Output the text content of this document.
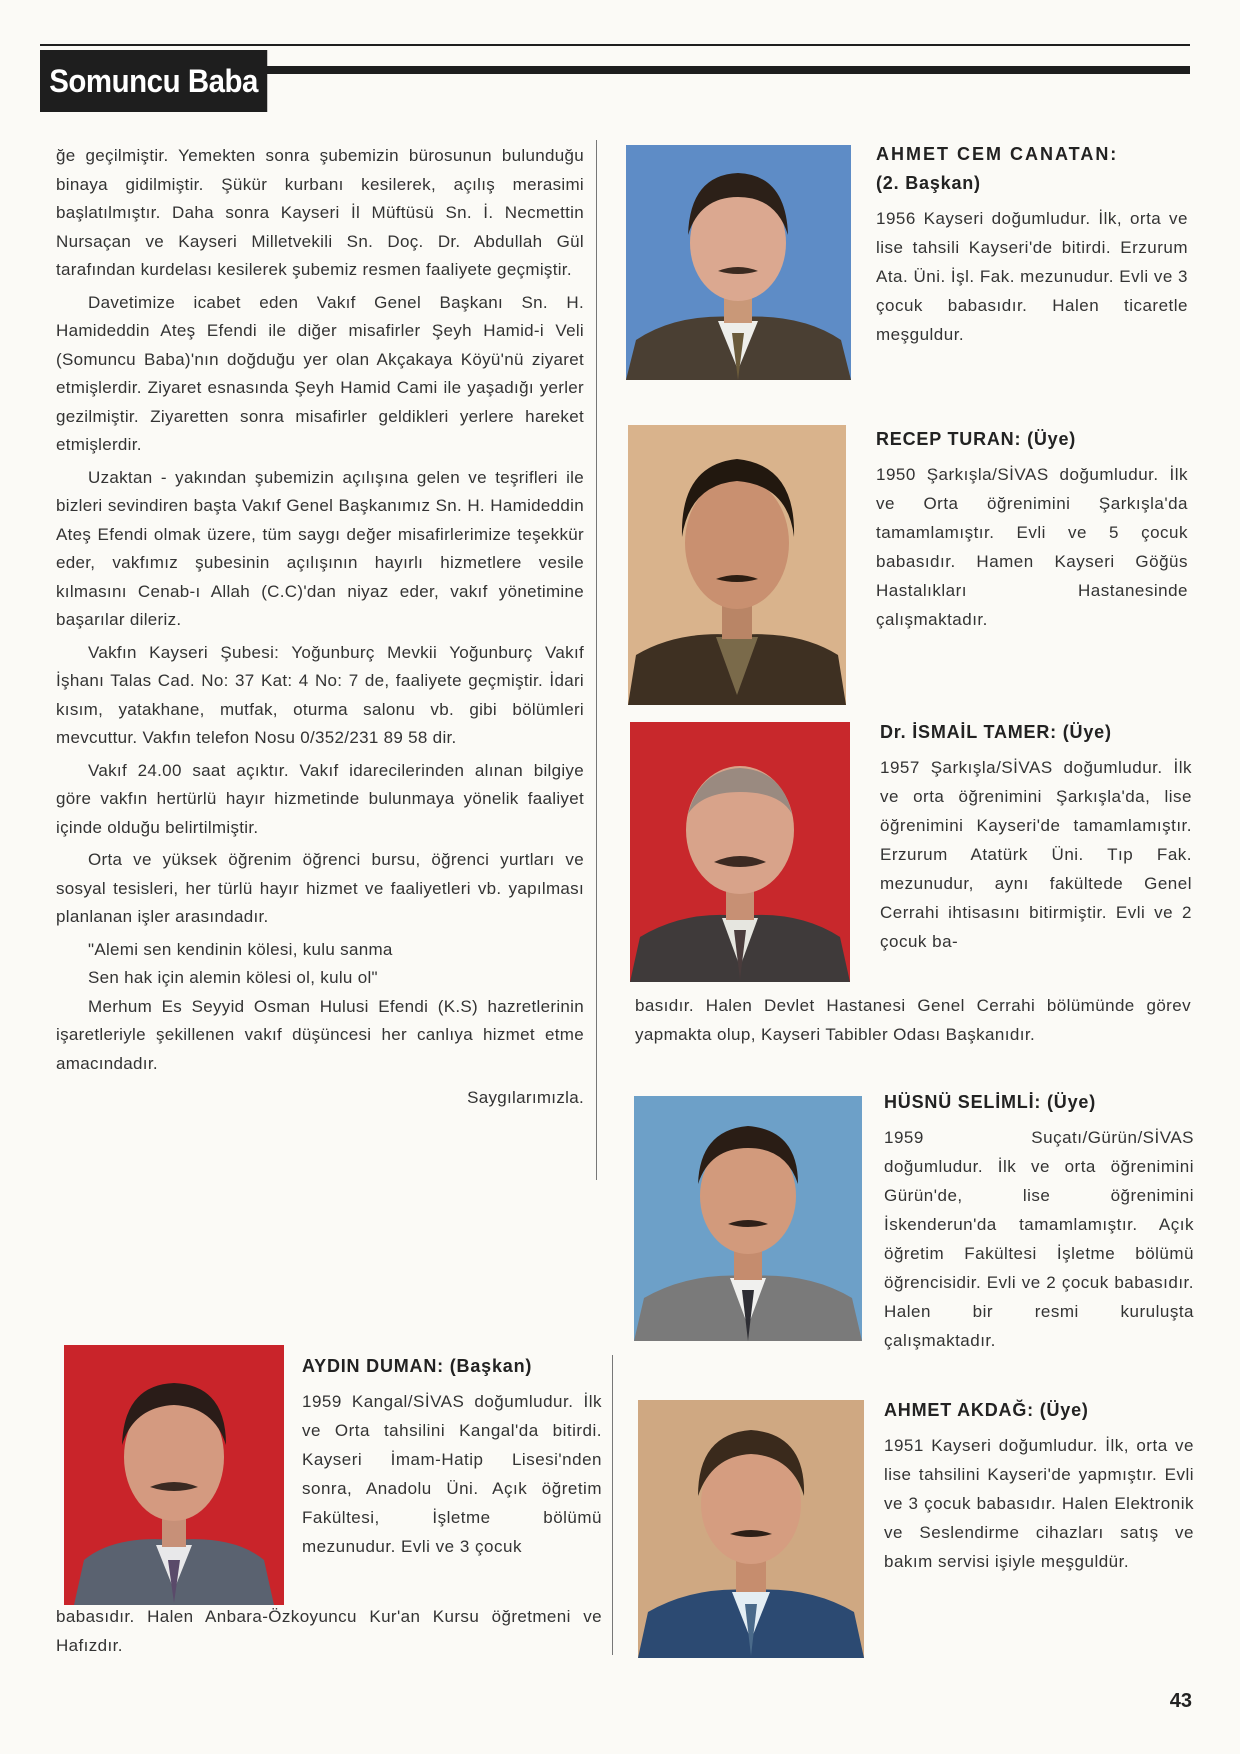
Somuncu Baba

ğe geçilmiştir. Yemekten sonra şubemizin bürosunun bulunduğu binaya gidilmiştir. Şükür kurbanı kesilerek, açılış merasimi başlatılmıştır. Daha sonra Kayseri İl Müftüsü Sn. İ. Necmettin Nursaçan ve Kayseri Milletvekili Sn. Doç. Dr. Abdullah Gül tarafından kurdelası kesilerek şubemiz resmen faaliyete geçmiştir.

Davetimize icabet eden Vakıf Genel Başkanı Sn. H. Hamideddin Ateş Efendi ile diğer misafirler Şeyh Hamid-i Veli (Somuncu Baba)'nın doğduğu yer olan Akçakaya Köyü'nü ziyaret etmişlerdir. Ziyaret esnasında Şeyh Hamid Cami ile yaşadığı yerler gezilmiştir. Ziyaretten sonra misafirler geldikleri yerlere hareket etmişlerdir.

Uzaktan - yakından şubemizin açılışına gelen ve teşrifleri ile bizleri sevindiren başta Vakıf Genel Başkanımız Sn. H. Hamideddin Ateş Efendi olmak üzere, tüm saygı değer misafirlerimize teşekkür eder, vakfımız şubesinin açılışının hayırlı hizmetlere vesile kılmasını Cenab-ı Allah (C.C)'dan niyaz eder, vakıf yönetimine başarılar dileriz.

Vakfın Kayseri Şubesi: Yoğunburç Mevkii Yoğunburç Vakıf İşhanı Talas Cad. No: 37 Kat: 4 No: 7 de, faaliyete geçmiştir. İdari kısım, yatakhane, mutfak, oturma salonu vb. gibi bölümleri mevcuttur. Vakfın telefon Nosu 0/352/231 89 58 dir.

Vakıf 24.00 saat açıktır. Vakıf idarecilerinden alınan bilgiye göre vakfın hertürlü hayır hizmetinde bulunmaya yönelik faaliyet içinde olduğu belirtilmiştir.

Orta ve yüksek öğrenim öğrenci bursu, öğrenci yurtları ve sosyal tesisleri, her türlü hayır hizmet ve faaliyetleri vb. yapılması planlanan işler arasındadır.

"Alemi sen kendinin kölesi, kulu sanma

Sen hak için alemin kölesi ol, kulu ol"

Merhum Es Seyyid Osman Hulusi Efendi (K.S) hazretlerinin işaretleriyle şekillenen vakıf düşüncesi her canlıya hizmet etme amacındadır.

Saygılarımızla.

AYDIN DUMAN: (Başkan)

1959 Kangal/SİVAS doğumludur. İlk ve Orta tahsilini Kangal'da bitirdi. Kayseri İmam-Hatip Lisesi'nden sonra, Anadolu Üni. Açık öğretim Fakültesi, İşletme bölümü mezunudur. Evli ve 3 çocuk

babasıdır. Halen Anbara-Özkoyuncu Kur'an Kursu öğretmeni ve Hafızdır.

AHMET CEM CANATAN:

(2. Başkan)

1956 Kayseri doğumludur. İlk, orta ve lise tahsili Kayseri'de bitirdi. Erzurum Ata. Üni. İşl. Fak. mezunudur. Evli ve 3 çocuk babasıdır. Halen ticaretle meşguldur.

RECEP TURAN: (Üye)

1950 Şarkışla/SİVAS doğumludur. İlk ve Orta öğrenimini Şarkışla'da tamamlamıştır. Evli ve 5 çocuk babasıdır. Hamen Kayseri Göğüs Hastalıkları Hastanesinde çalışmaktadır.

Dr. İSMAİL TAMER: (Üye)

1957 Şarkışla/SİVAS doğumludur. İlk ve orta öğrenimini Şarkışla'da, lise öğrenimini Kayseri'de tamamlamıştır. Erzurum Atatürk Üni. Tıp Fak. mezunudur, aynı fakültede Genel Cerrahi ihtisasını bitirmiştir. Evli ve 2 çocuk ba-

basıdır. Halen Devlet Hastanesi Genel Cerrahi bölümünde görev yapmakta olup, Kayseri Tabibler Odası Başkanıdır.

HÜSNÜ SELİMLİ: (Üye)

1959 Suçatı/Gürün/SİVAS doğumludur. İlk ve orta öğrenimini Gürün'de, lise öğrenimini İskenderun'da tamamlamıştır. Açık öğretim Fakültesi İşletme bölümü öğrencisidir. Evli ve 2 çocuk babasıdır. Halen bir resmi kuruluşta çalışmaktadır.

AHMET AKDAĞ: (Üye)

1951 Kayseri doğumludur. İlk, orta ve lise tahsilini Kayseri'de yapmıştır. Evli ve 3 çocuk babasıdır. Halen Elektronik ve Seslendirme cihazları satış ve bakım servisi işiyle meşguldür.

43
